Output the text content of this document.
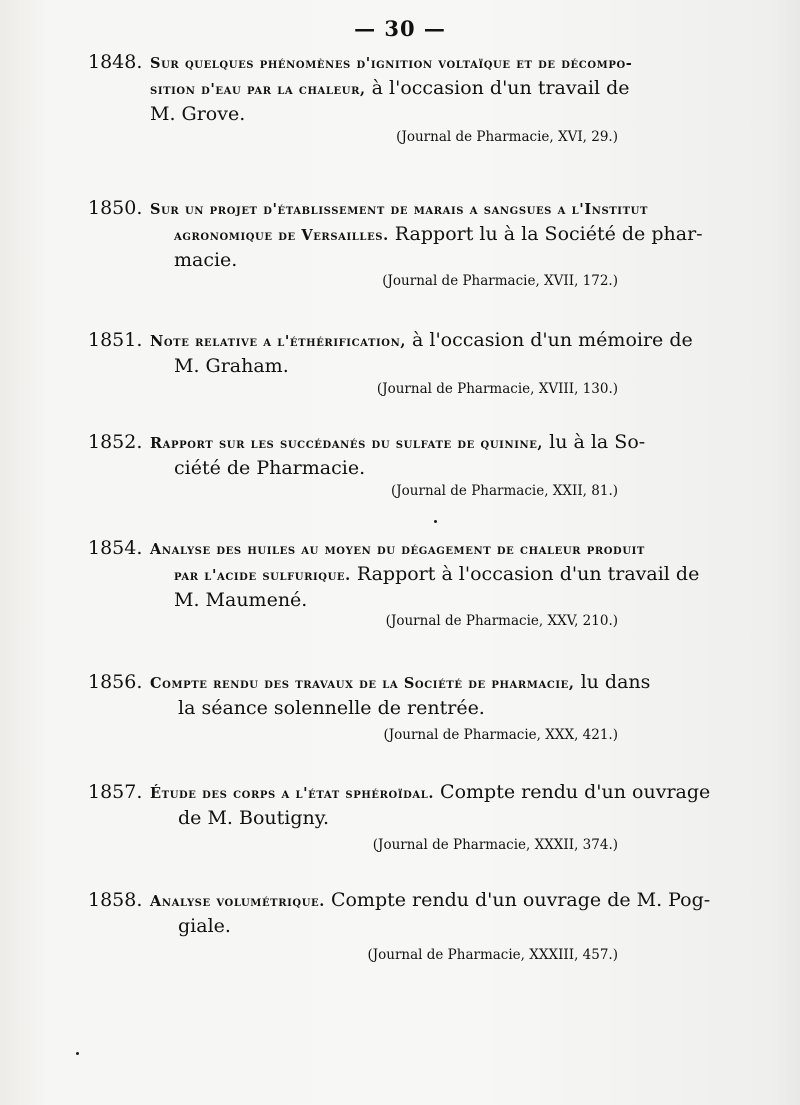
— 30 —

1848. Sur quelques phénomènes d'ignition voltaïque et de décompo-

sition d'eau par la chaleur, à l'occasion d'un travail de

M. Grove.

(Journal de Pharmacie, XVI, 29.)

1850. Sur un projet d'établissement de marais a sangsues a l'Institut

agronomique de Versailles. Rapport lu à la Société de phar-

macie.

(Journal de Pharmacie, XVII, 172.)

1851. Note relative a l'éthérification, à l'occasion d'un mémoire de

M. Graham.

(Journal de Pharmacie, XVIII, 130.)

1852. Rapport sur les succédanés du sulfate de quinine, lu à la So-

ciété de Pharmacie.

(Journal de Pharmacie, XXII, 81.)

1854. Analyse des huiles au moyen du dégagement de chaleur produit

par l'acide sulfurique. Rapport à l'occasion d'un travail de

M. Maumené.

(Journal de Pharmacie, XXV, 210.)

1856. Compte rendu des travaux de la Société de pharmacie, lu dans

la séance solennelle de rentrée.

(Journal de Pharmacie, XXX, 421.)

1857. Étude des corps a l'état sphéroïdal. Compte rendu d'un ouvrage

de M. Boutigny.

(Journal de Pharmacie, XXXII, 374.)

1858. Analyse volumétrique. Compte rendu d'un ouvrage de M. Pog-

giale.

(Journal de Pharmacie, XXXIII, 457.)
